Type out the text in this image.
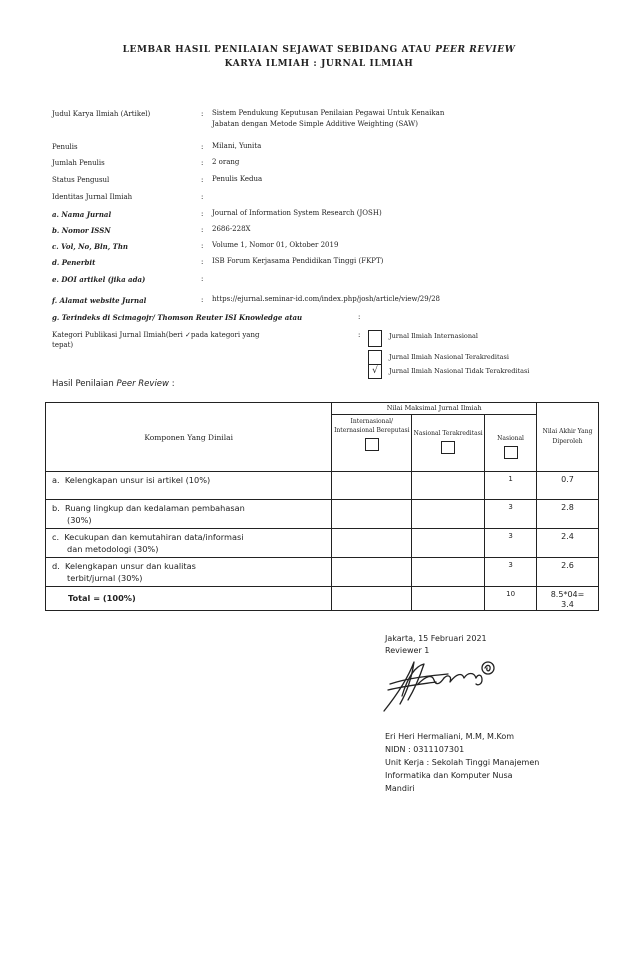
LEMBAR HASIL PENILAIAN SEJAWAT SEBIDANG ATAU PEER REVIEW
KARYA ILMIAH : JURNAL ILMIAH
Judul Karya Ilmiah (Artikel)	: Sistem Pendukung Keputusan Penilaian Pegawai Untuk Kenaikan
Jabatan dengan Metode Simple Additive Weighting (SAW)
Penulis	: Milani, Yunita
Jumlah Penulis	: 2 orang
Status Pengusul	: Penulis Kedua
Identitas Jurnal Ilmiah	:
a. Nama Jurnal	: Journal of Information System Research (JOSH)
b. Nomor ISSN	: 2686-228X
c. Vol, No, Bln, Thn	: Volume 1, Nomor 01, Oktober 2019
d. Penerbit	: ISB Forum Kerjasama Pendidikan Tinggi (FKPT)
e. DOI artikel (jika ada)	:
f. Alamat website Jurnal	: https://ejurnal.seminar-id.com/index.php/josh/article/view/29/28
g. Terindeks di Scimagojr/ Thomson Reuter ISI Knowledge atau	:
Kategori Publikasi Jurnal Ilmiah(beri ✓pada kategori yang
tepat)
:	Jurnal Ilmiah Internasional
Jurnal Ilmiah Nasional Terakreditasi
√	Jurnal Ilmiah Nasional Tidak Terakreditasi
Hasil Penilaian Peer Review :
Komponen Yang Dinilai	Nilai Maksimal Jurnal Ilmiah			Nilai Akhir Yang Diperoleh

	Internasional/ Internasional Bereputasi	Nasional Terakreditasi	Nasional	

a. Kelengkapan unsur isi artikel (10%)			1	0.7
b. Ruang lingkup dan kedalaman pembahasan
(30%)			3	2.8
c. Kecukupan dan kemutahiran data/informasi
dan metodologi (30%)			3	2.4
d. Kelengkapan unsur dan kualitas
terbit/jurnal (30%)			3	2.6
Total = (100%)			10	8.5*04=
3.4
Jakarta, 15 Februari 2021
Reviewer 1
Eri Heri Hermaliani, M.M, M.Kom
NIDN : 0311107301
Unit Kerja : Sekolah Tinggi Manajemen
Informatika dan Komputer Nusa
Mandiri
